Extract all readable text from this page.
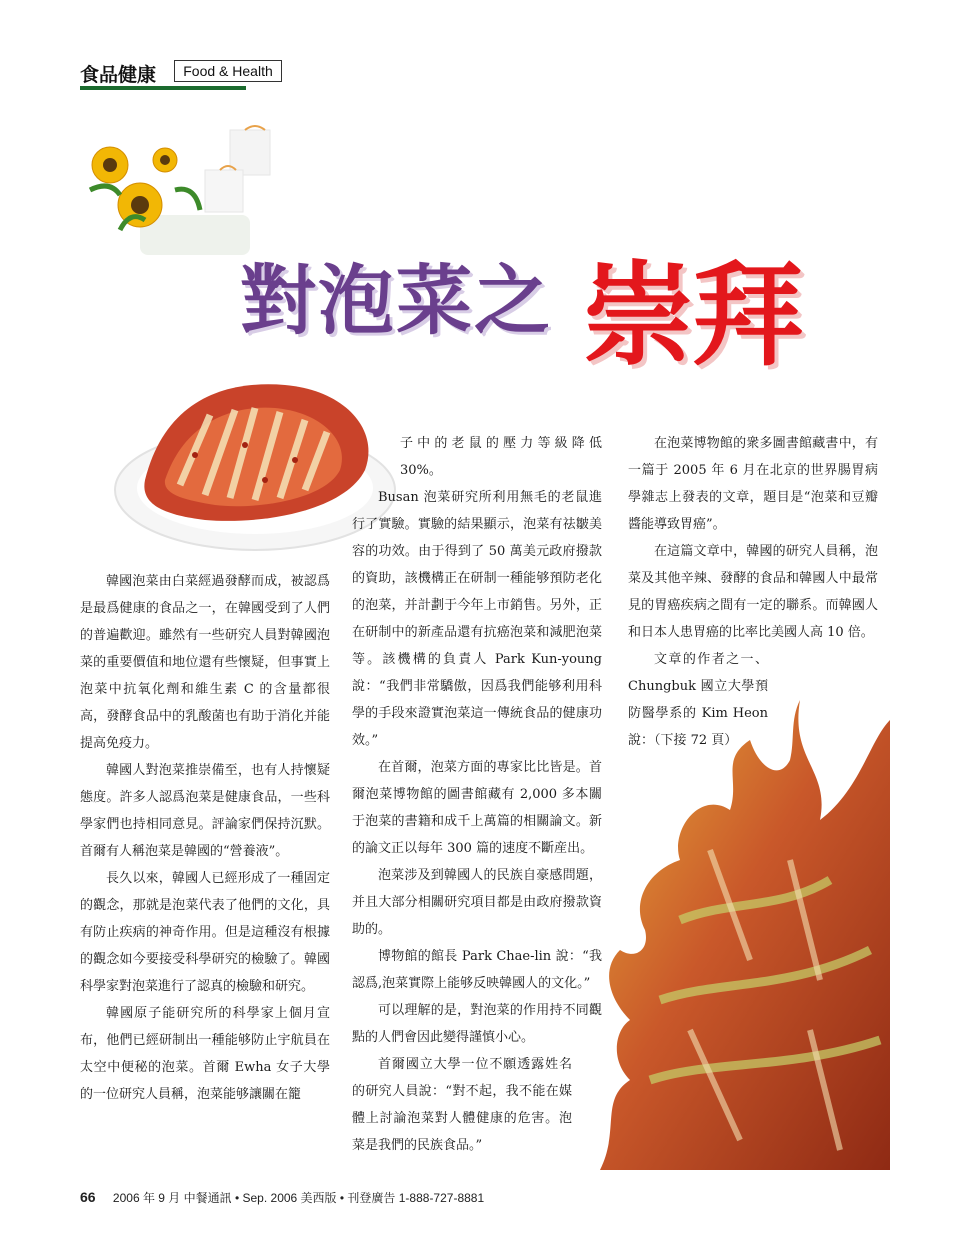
食品健康	Food & Health
對泡菜之 崇拜

韓國泡菜由白菜經過發酵而成，被認爲是最爲健康的食品之一，在韓國受到了人們的普遍歡迎。雖然有一些研究人員對韓國泡菜的重要價值和地位還有些懷疑，但事實上泡菜中抗氧化劑和維生素 C 的含量都很高，發酵食品中的乳酸菌也有助于消化并能提高免疫力。

韓國人對泡菜推崇備至，也有人持懷疑態度。許多人認爲泡菜是健康食品，一些科學家們也持相同意見。評論家們保持沉默。首爾有人稱泡菜是韓國的“營養液”。

長久以來，韓國人已經形成了一種固定的觀念，那就是泡菜代表了他們的文化，具有防止疾病的神奇作用。但是這種沒有根據的觀念如今要接受科學研究的檢驗了。韓國科學家對泡菜進行了認真的檢驗和研究。

韓國原子能研究所的科學家上個月宣布，他們已經研制出一種能够防止宇航員在太空中便秘的泡菜。首爾 Ewha 女子大學的一位研究人員稱，泡菜能够讓關在籠

子中的老鼠的壓力等級降低 30%。

Busan 泡菜研究所利用無毛的老鼠進行了實驗。實驗的結果顯示，泡菜有祛皺美容的功效。由于得到了 50 萬美元政府撥款的資助，該機構正在研制一種能够預防老化的泡菜，并計劃于今年上市銷售。另外，正在研制中的新產品還有抗癌泡菜和減肥泡菜等。該機構的負責人 Park Kun-young 說：“我們非常驕傲，因爲我們能够利用科學的手段來證實泡菜這一傳統食品的健康功效。”

在首爾，泡菜方面的專家比比皆是。首爾泡菜博物館的圖書館藏有 2,000 多本關于泡菜的書籍和成千上萬篇的相關論文。新的論文正以每年 300 篇的速度不斷産出。

泡菜涉及到韓國人的民族自豪感問題，并且大部分相關研究項目都是由政府撥款資助的。

博物館的館長 Park Chae-lin 說：“我認爲,泡菜實際上能够反映韓國人的文化。”

可以理解的是，對泡菜的作用持不同觀點的人們會因此變得謹慎小心。

首爾國立大學一位不願透露姓名的研究人員說：“對不起，我不能在媒體上討論泡菜對人體健康的危害。泡菜是我們的民族食品。”

在泡菜博物館的衆多圖書館藏書中，有一篇于 2005 年 6 月在北京的世界腸胃病學雜志上發表的文章，題目是“泡菜和豆瓣醬能導致胃癌”。

在這篇文章中，韓國的研究人員稱，泡菜及其他辛辣、發酵的食品和韓國人中最常見的胃癌疾病之間有一定的聯系。而韓國人和日本人患胃癌的比率比美國人高 10 倍。

文章的作者之一、 Chungbuk 國立大學預防醫學系的 Kim Heon 說：（下接 72 頁）

66 2006 年 9 月 中餐通訊 • Sep. 2006 美西版 • 刊登廣告 1-888-727-8881
